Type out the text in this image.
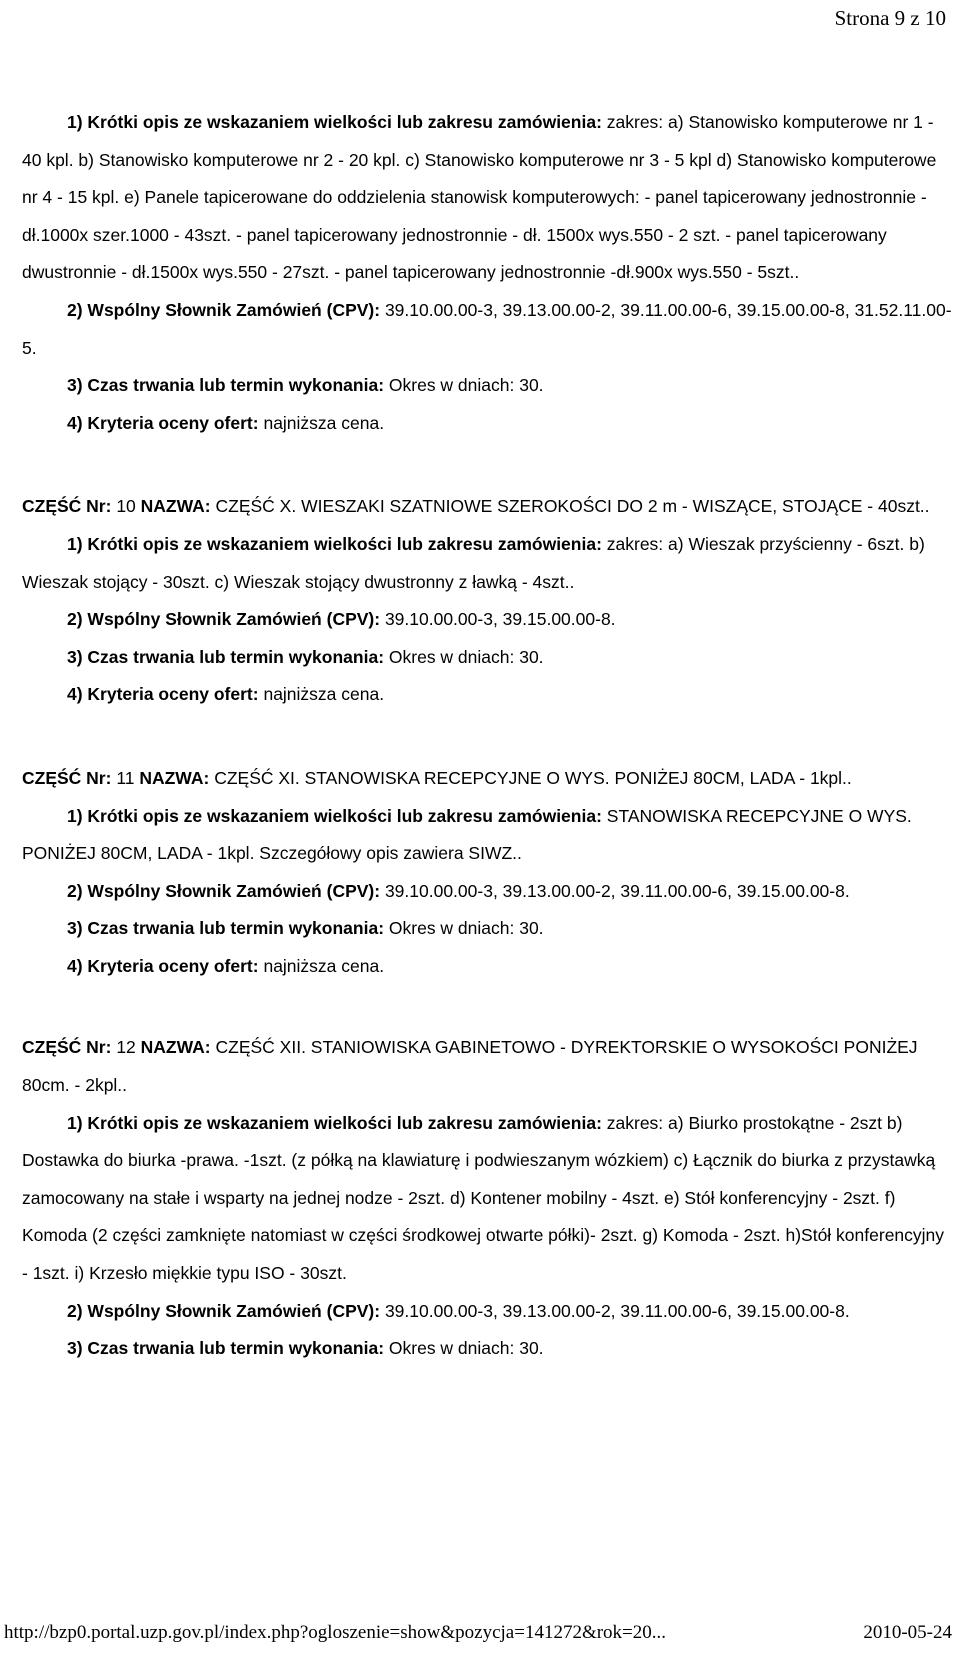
Strona 9 z 10

1) Krótki opis ze wskazaniem wielkości lub zakresu zamówienia: zakres: a) Stanowisko komputerowe nr 1 - 40 kpl. b) Stanowisko komputerowe nr 2 - 20 kpl. c) Stanowisko komputerowe nr 3 - 5 kpl d) Stanowisko komputerowe nr 4 - 15 kpl. e) Panele tapicerowane do oddzielenia stanowisk komputerowych: - panel tapicerowany jednostronnie - dł.1000x szer.1000 - 43szt. - panel tapicerowany jednostronnie - dł. 1500x wys.550 - 2 szt. - panel tapicerowany dwustronnie - dł.1500x wys.550 - 27szt. - panel tapicerowany jednostronnie -dł.900x wys.550 - 5szt..

2) Wspólny Słownik Zamówień (CPV): 39.10.00.00-3, 39.13.00.00-2, 39.11.00.00-6, 39.15.00.00-8, 31.52.11.00-5.

3) Czas trwania lub termin wykonania: Okres w dniach: 30.

4) Kryteria oceny ofert: najniższa cena.

CZĘŚĆ Nr: 10 NAZWA: CZĘŚĆ X. WIESZAKI SZATNIOWE SZEROKOŚCI DO 2 m - WISZĄCE, STOJĄCE - 40szt..

1) Krótki opis ze wskazaniem wielkości lub zakresu zamówienia: zakres: a) Wieszak przyścienny - 6szt. b) Wieszak stojący - 30szt. c) Wieszak stojący dwustronny z ławką - 4szt..

2) Wspólny Słownik Zamówień (CPV): 39.10.00.00-3, 39.15.00.00-8.

3) Czas trwania lub termin wykonania: Okres w dniach: 30.

4) Kryteria oceny ofert: najniższa cena.

CZĘŚĆ Nr: 11 NAZWA: CZĘŚĆ XI. STANOWISKA RECEPCYJNE O WYS. PONIŻEJ 80CM, LADA - 1kpl..

1) Krótki opis ze wskazaniem wielkości lub zakresu zamówienia: STANOWISKA RECEPCYJNE O WYS. PONIŻEJ 80CM, LADA - 1kpl. Szczegółowy opis zawiera SIWZ..

2) Wspólny Słownik Zamówień (CPV): 39.10.00.00-3, 39.13.00.00-2, 39.11.00.00-6, 39.15.00.00-8.

3) Czas trwania lub termin wykonania: Okres w dniach: 30.

4) Kryteria oceny ofert: najniższa cena.

CZĘŚĆ Nr: 12 NAZWA: CZĘŚĆ XII. STANIOWISKA GABINETOWO - DYREKTORSKIE O WYSOKOŚCI PONIŻEJ 80cm. - 2kpl..

1) Krótki opis ze wskazaniem wielkości lub zakresu zamówienia: zakres: a) Biurko prostokątne - 2szt b) Dostawka do biurka -prawa. -1szt. (z półką na klawiaturę i podwieszanym wózkiem) c) Łącznik do biurka z przystawką zamocowany na stałe i wsparty na jednej nodze - 2szt. d) Kontener mobilny - 4szt. e) Stół konferencyjny - 2szt. f) Komoda (2 części zamknięte natomiast w części środkowej otwarte półki)- 2szt. g) Komoda - 2szt. h)Stół konferencyjny - 1szt. i) Krzesło miękkie typu ISO - 30szt.

2) Wspólny Słownik Zamówień (CPV): 39.10.00.00-3, 39.13.00.00-2, 39.11.00.00-6, 39.15.00.00-8.

3) Czas trwania lub termin wykonania: Okres w dniach: 30.

http://bzp0.portal.uzp.gov.pl/index.php?ogloszenie=show&pozycja=141272&rok=20...	2010-05-24
